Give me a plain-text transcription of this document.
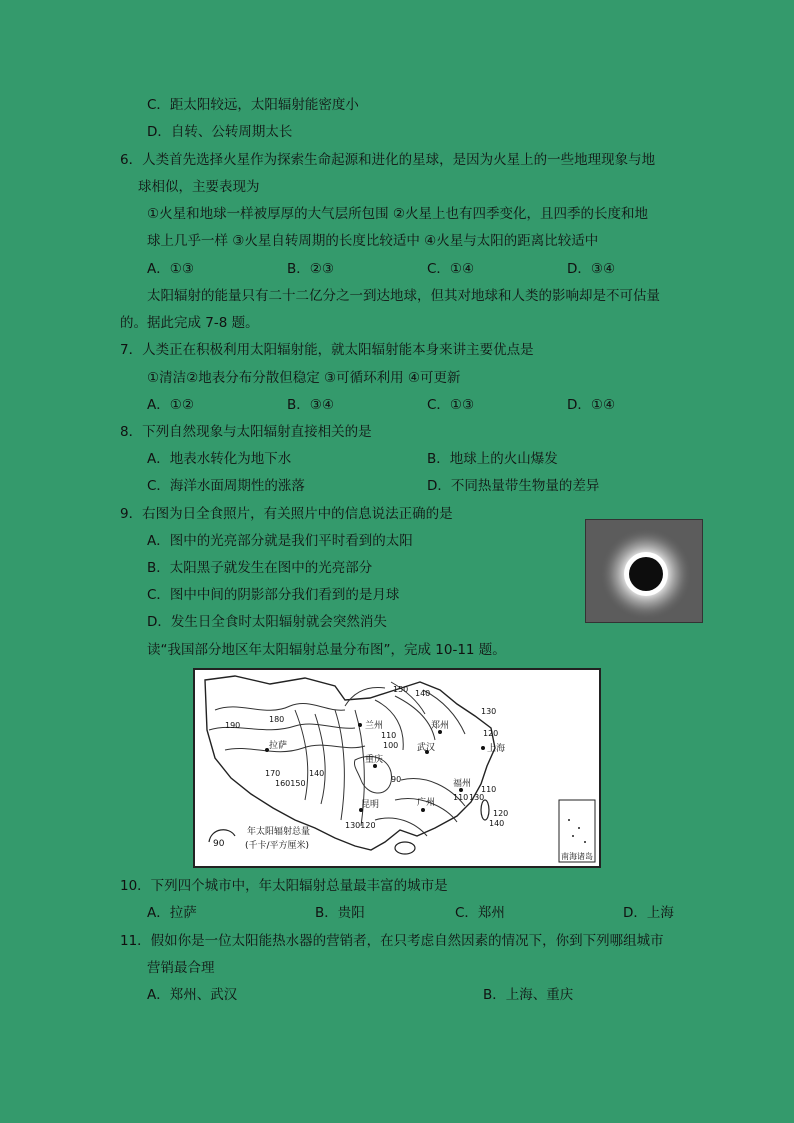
C．距太阳较远，太阳辐射能密度小
D．自转、公转周期太长
6．人类首先选择火星作为探索生命起源和进化的星球，是因为火星上的一些地理现象与地
球相似，主要表现为
①火星和地球一样被厚厚的大气层所包围 ②火星上也有四季变化，且四季的长度和地
球上几乎一样 ③火星自转周期的长度比较适中 ④火星与太阳的距离比较适中
A．①③	B．②③	C．①④	D．③④
太阳辐射的能量只有二十二亿分之一到达地球，但其对地球和人类的影响却是不可估量
的。据此完成 7-8 题。
7．人类正在积极利用太阳辐射能，就太阳辐射能本身来讲主要优点是
①清洁②地表分布分散但稳定 ③可循环利用 ④可更新
A．①②	B．③④	C．①③	D．①④
8．下列自然现象与太阳辐射直接相关的是
A．地表水转化为地下水	B．地球上的火山爆发
C．海洋水面周期性的涨落	D．不同热量带生物量的差异
9．右图为日全食照片，有关照片中的信息说法正确的是
A．图中的光亮部分就是我们平时看到的太阳
B．太阳黑子就发生在图中的光亮部分
C．图中中间的阴影部分我们看到的是月球
D．发生日全食时太阳辐射就会突然消失
读“我国部分地区年太阳辐射总量分布图”，完成 10-11 题。
兰州	郑州
武汉	上海
拉萨
重庆
福州
昆明	广州
150 140
130
190
180
110
100
120
90
170
160150
140
110
130
120
140
130120
110
90
年太阳辐射总量
(千卡/平方厘米)
南海诸岛
10．下列四个城市中，年太阳辐射总量最丰富的城市是
A．拉萨	B．贵阳	C．郑州	D．上海
11．假如你是一位太阳能热水器的营销者，在只考虑自然因素的情况下，你到下列哪组城市
营销最合理
A．郑州、武汉	B．上海、重庆
